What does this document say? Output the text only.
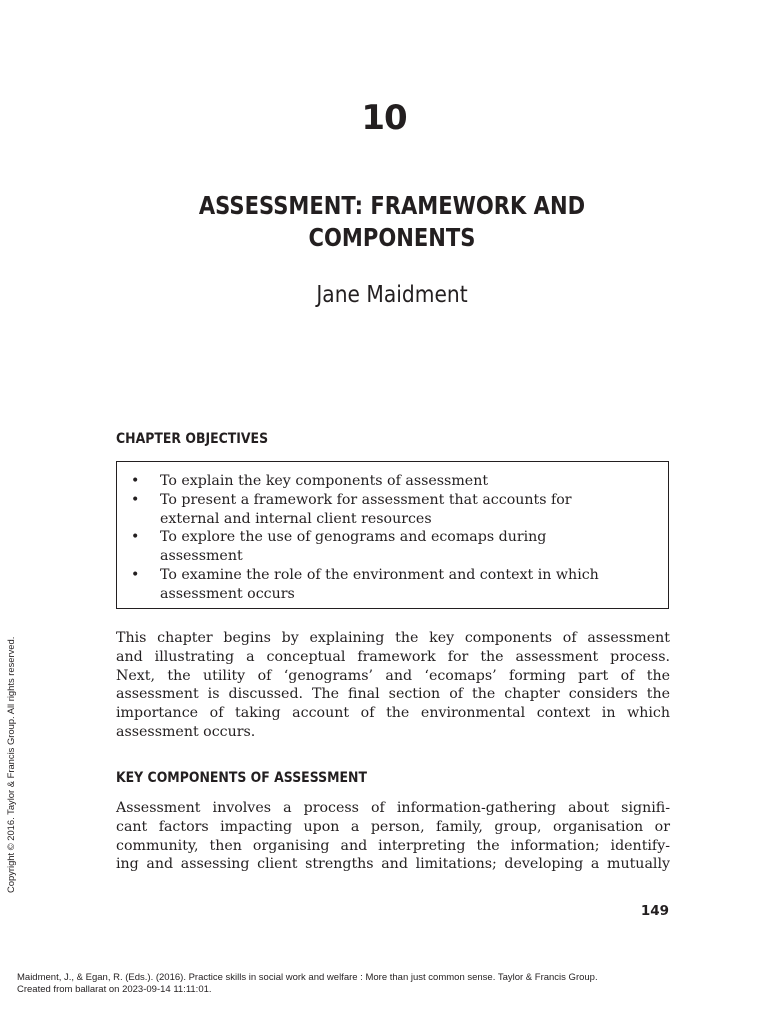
10
ASSESSMENT: FRAMEWORK AND
COMPONENTS
Jane Maidment
CHAPTER OBJECTIVES
• To explain the key components of assessment
• To present a framework for assessment that accounts for
external and internal client resources
• To explore the use of genograms and ecomaps during
assessment
• To examine the role of the environment and context in which
assessment occurs
This chapter begins by explaining the key components of assessment
and illustrating a conceptual framework for the assessment process.
Next, the utility of ‘genograms’ and ‘ecomaps’ forming part of the
assessment is discussed. The final section of the chapter considers the
importance of taking account of the environmental context in which
assessment occurs.
KEY COMPONENTS OF ASSESSMENT
Assessment involves a process of information-gathering about signifi-
cant factors impacting upon a person, family, group, organisation or
community, then organising and interpreting the information; identify-
ing and assessing client strengths and limitations; developing a mutually
149
Copyright © 2016. Taylor & Francis Group. All rights reserved.
Maidment, J., & Egan, R. (Eds.). (2016). Practice skills in social work and welfare : More than just common sense. Taylor & Francis Group.
Created from ballarat on 2023-09-14 11:11:01.
